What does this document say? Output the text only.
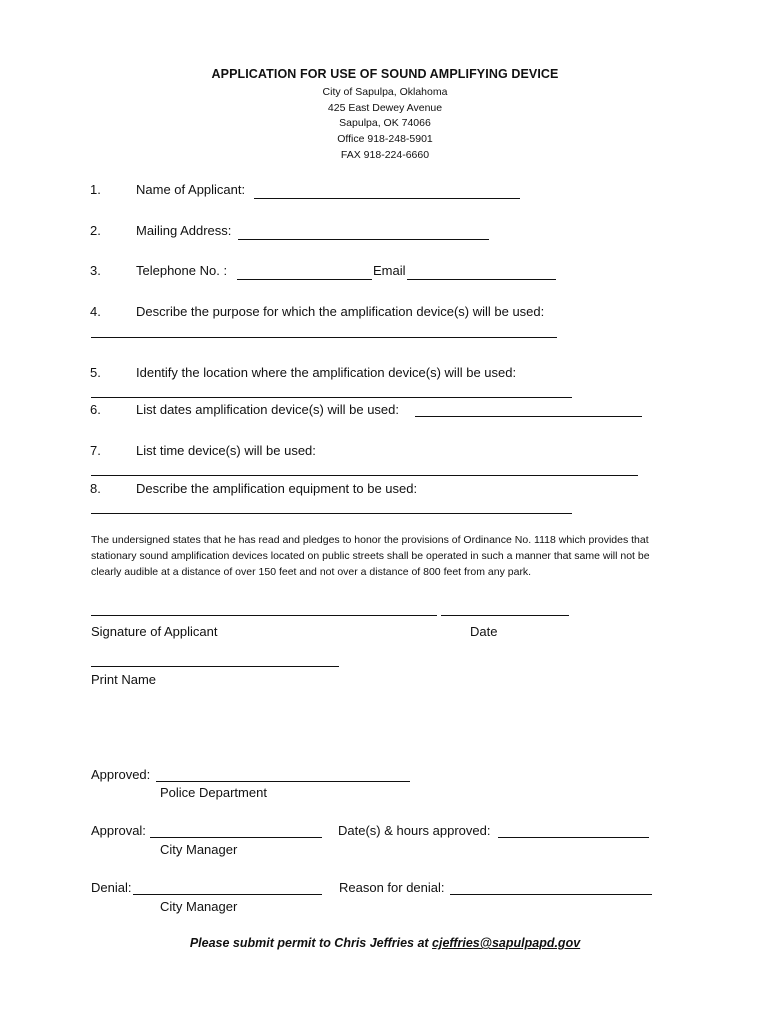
APPLICATION FOR USE OF SOUND AMPLIFYING DEVICE
City of Sapulpa, Oklahoma
425 East Dewey Avenue
Sapulpa, OK 74066
Office 918-248-5901
FAX 918-224-6660
1.	Name of Applicant:
2.	Mailing Address:
3.	Telephone No. :	Email
4.	Describe the purpose for which the amplification device(s) will be used:
5.	Identify the location where the amplification device(s) will be used:
6.	List dates amplification device(s) will be used:
7.	List time device(s) will be used:
8.	Describe the amplification equipment to be used:
The undersigned states that he has read and pledges to honor the provisions of Ordinance No. 1118 which provides that stationary sound amplification devices located on public streets shall be operated in such a manner that same will not be clearly audible at a distance of over 150 feet and not over a distance of 800 feet from any park.
Signature of Applicant	Date
Print Name
Approved:
Police Department
Approval:	Date(s) & hours approved:
City Manager
Denial:	Reason for denial:
City Manager
Please submit permit to Chris Jeffries at cjeffries@sapulpapd.gov
